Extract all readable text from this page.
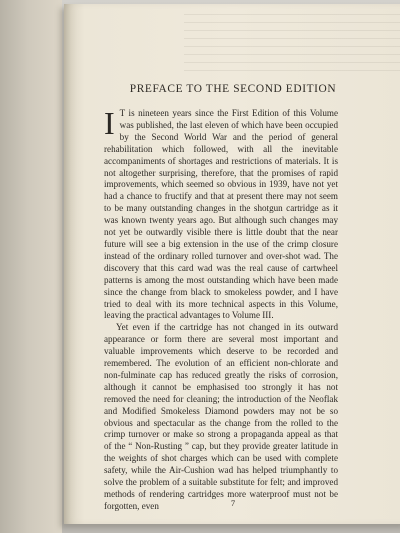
PREFACE TO THE SECOND EDITION

I T is nineteen years since the First Edition of this Volume was published, the last eleven of which have been occupied by the Second World War and the period of general rehabilitation which followed, with all the inevitable accompaniments of shortages and restrictions of materials. It is not altogether surprising, therefore, that the promises of rapid improvements, which seemed so obvious in 1939, have not yet had a chance to fructify and that at present there may not seem to be many outstanding changes in the shotgun cartridge as it was known twenty years ago. But although such changes may not yet be outwardly visible there is little doubt that the near future will see a big extension in the use of the crimp closure instead of the ordinary rolled turnover and over-shot wad. The discovery that this card wad was the real cause of cartwheel patterns is among the most outstanding which have been made since the change from black to smokeless powder, and I have tried to deal with its more technical aspects in this Volume, leaving the practical advantages to Volume III.

Yet even if the cartridge has not changed in its outward appearance or form there are several most important and valuable improvements which deserve to be recorded and remembered. The evolution of an efficient non-chlorate and non-fulminate cap has reduced greatly the risks of corrosion, although it cannot be emphasised too strongly it has not removed the need for cleaning; the introduction of the Neoflak and Modified Smokeless Diamond powders may not be so obvious and spectacular as the change from the rolled to the crimp turnover or make so strong a propaganda appeal as that of the “ Non-Rusting ” cap, but they provide greater latitude in the weights of shot charges which can be used with complete safety, while the Air-Cushion wad has helped triumphantly to solve the problem of a suitable substitute for felt; and improved methods of rendering cartridges more waterproof must not be forgotten, even	7
